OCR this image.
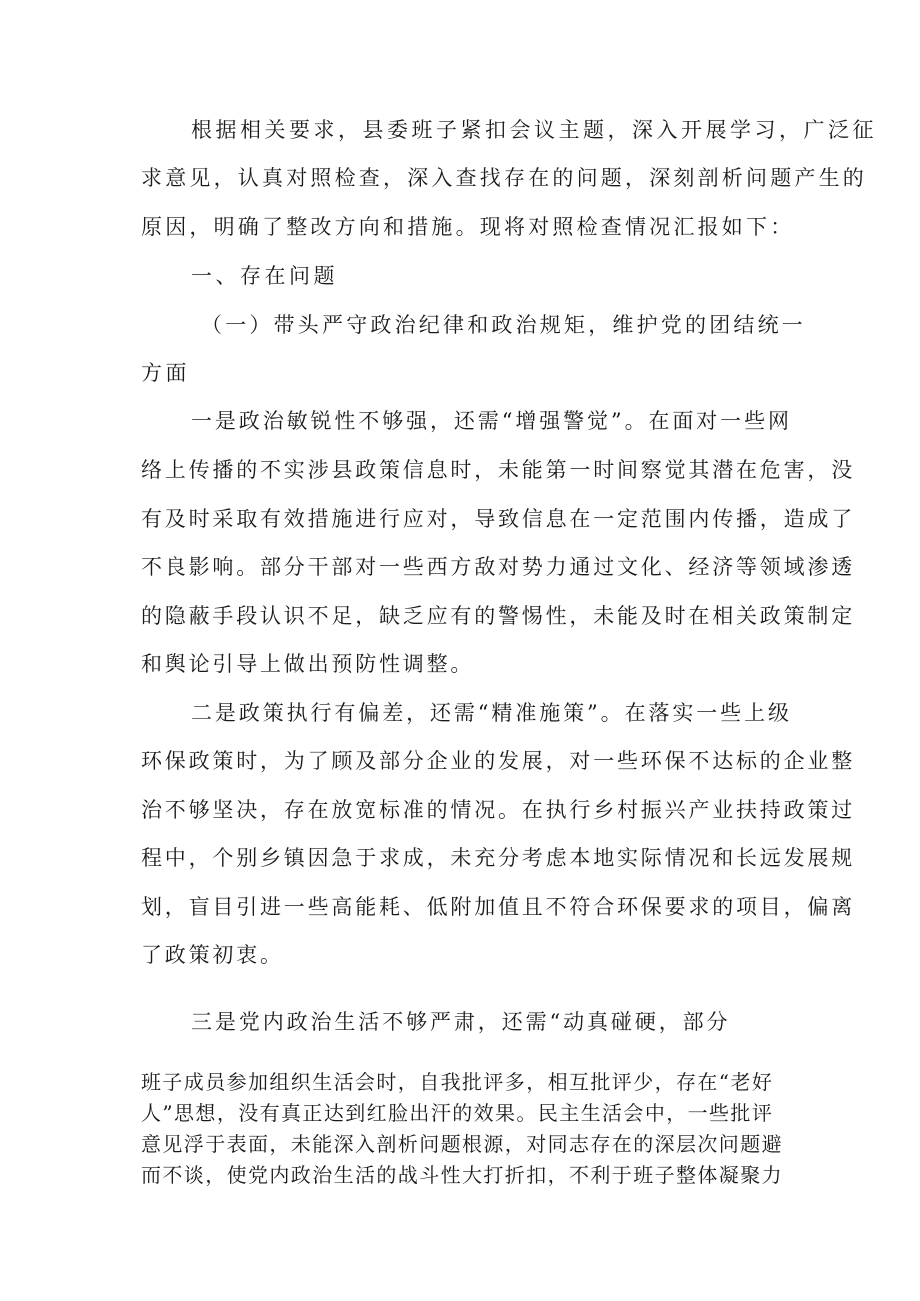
根据相关要求，县委班子紧扣会议主题，深入开展学习，广泛征
求意见，认真对照检查，深入查找存在的问题，深刻剖析问题产生的
原因，明确了整改方向和措施。现将对照检查情况汇报如下：
一、存在问题
（一）带头严守政治纪律和政治规矩，维护党的团结统一
方面
一是政治敏锐性不够强，还需“增强警觉”。在面对一些网
络上传播的不实涉县政策信息时，未能第一时间察觉其潜在危害，没
有及时采取有效措施进行应对，导致信息在一定范围内传播，造成了
不良影响。部分干部对一些西方敌对势力通过文化、经济等领域渗透
的隐蔽手段认识不足，缺乏应有的警惕性，未能及时在相关政策制定
和舆论引导上做出预防性调整。
二是政策执行有偏差，还需“精准施策”。在落实一些上级
环保政策时，为了顾及部分企业的发展，对一些环保不达标的企业整
治不够坚决，存在放宽标准的情况。在执行乡村振兴产业扶持政策过
程中，个别乡镇因急于求成，未充分考虑本地实际情况和长远发展规
划，盲目引进一些高能耗、低附加值且不符合环保要求的项目，偏离
了政策初衷。
三是党内政治生活不够严肃，还需“动真碰硬，部分
班子成员参加组织生活会时，自我批评多，相互批评少，存在“老好
人”思想，没有真正达到红脸出汗的效果。民主生活会中，一些批评
意见浮于表面，未能深入剖析问题根源，对同志存在的深层次问题避
而不谈，使党内政治生活的战斗性大打折扣，不利于班子整体凝聚力
